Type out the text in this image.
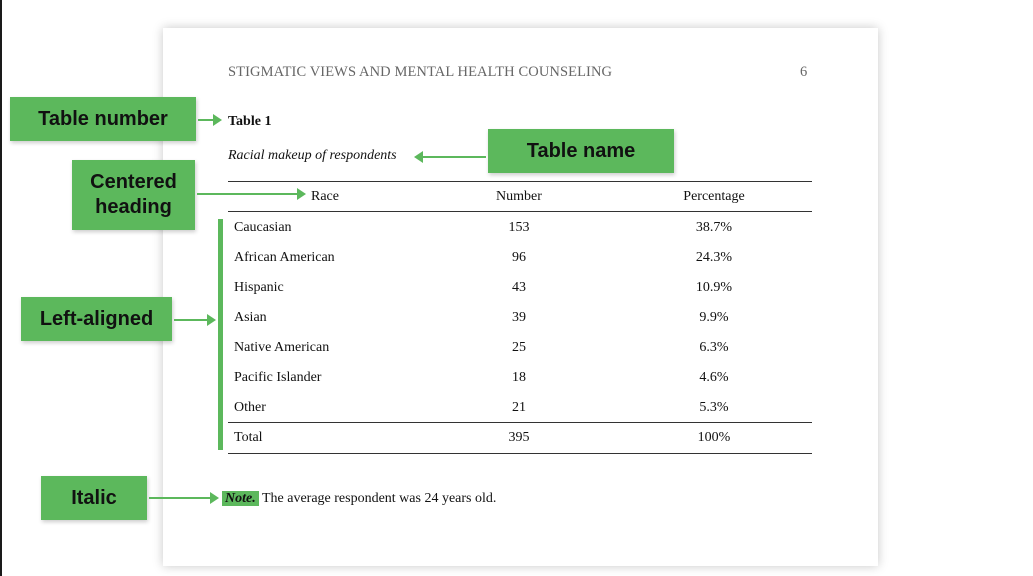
STIGMATIC VIEWS AND MENTAL HEALTH COUNSELING	6
Table 1
Racial makeup of respondents
Race	Number	Percentage
Caucasian	153	38.7%
African American	96	24.3%
Hispanic	43	10.9%
Asian	39	9.9%
Native American	25	6.3%
Pacific Islander	18	4.6%
Other	21	5.3%
Total	395	100%
Note. The average respondent was 24 years old.
Table number
Table name
Centered
heading
Left-aligned
Italic
